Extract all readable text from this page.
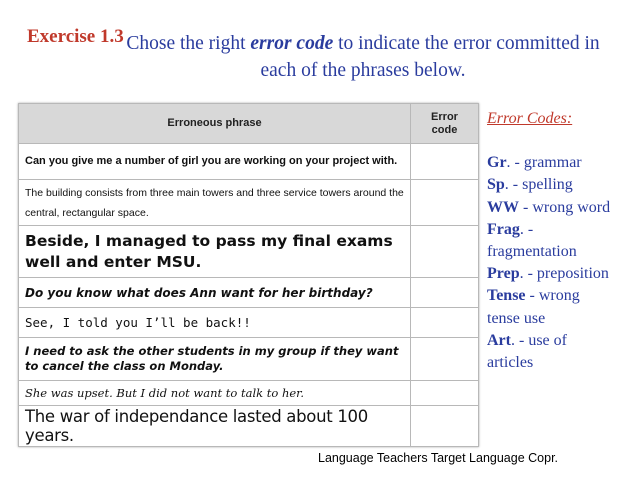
Exercise 1.3 Chose the right error code to indicate the error committed in each of the phrases below.
Erroneous phrase	Error code
Can you give me a number of girl you are working on your project with.	
The building consists from three main towers and three service towers around the central, rectangular space.	
Beside, I managed to pass my final exams well and enter MSU.	
Do you know what does Ann want for her birthday?	
See, I told you I’ll be back!!	
I need to ask the other students in my group if they want to cancel the class on Monday.	
She was upset. But I did not want to talk to her.	
The war of independance lasted about 100 years.	
Error Codes:
Gr. - grammar
Sp. - spelling
WW - wrong word
Frag. - fragmentation
Prep. - preposition
Tense - wrong tense use
Art. - use of articles
Language Teachers Target Language Copr.
